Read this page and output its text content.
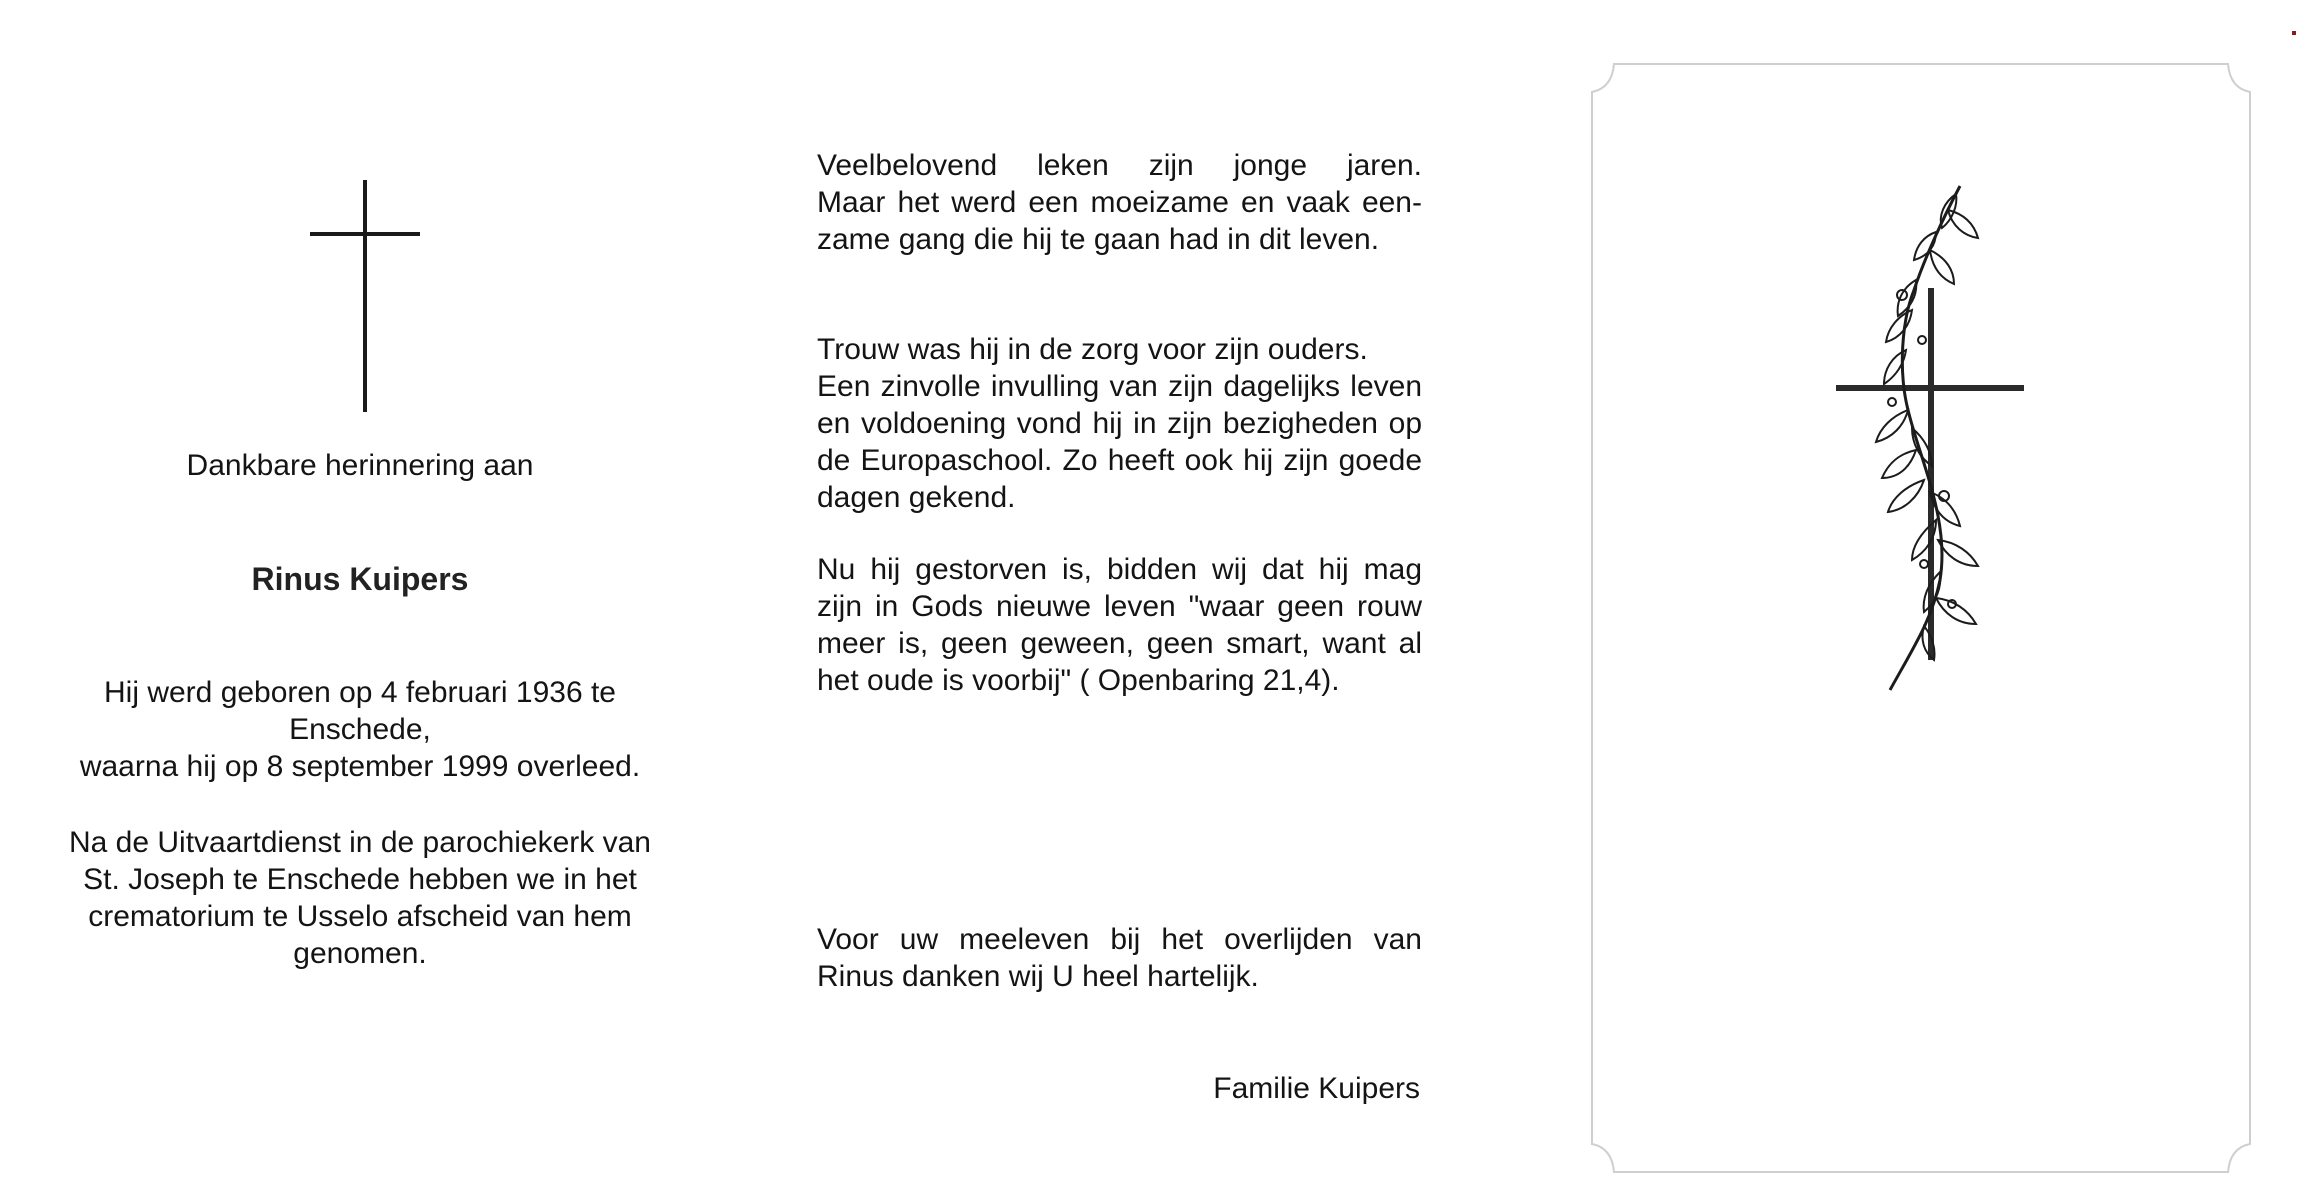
Dankbare herinnering aan
Rinus Kuipers
Hij werd geboren op 4 februari 1936 te
Enschede,
waarna hij op 8 september 1999 overleed.
Na de Uitvaartdienst in de parochiekerk van
St. Joseph te Enschede hebben we in het
crematorium te Usselo afscheid van hem
genomen.
Veelbelovend leken zijn jonge jaren.
Maar het werd een moeizame en vaak een-
zame gang die hij te gaan had in dit leven.
Trouw was hij in de zorg voor zijn ouders.
Een zinvolle invulling van zijn dagelijks leven
en voldoening vond hij in zijn bezigheden op
de Europaschool. Zo heeft ook hij zijn goede
dagen gekend.
Nu hij gestorven is, bidden wij dat hij mag
zijn in Gods nieuwe leven "waar geen rouw
meer is, geen geween, geen smart, want al
het oude is voorbij" ( Openbaring 21,4).
Voor uw meeleven bij het overlijden van
Rinus danken wij U heel hartelijk.
Familie Kuipers
